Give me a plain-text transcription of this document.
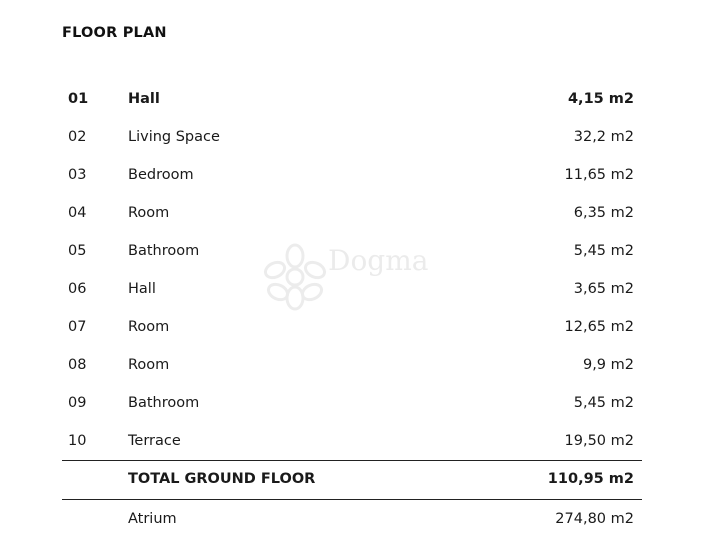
FLOOR PLAN
01	Hall	4,15 m2
02	Living Space	32,2 m2
03	Bedroom	11,65 m2
04	Room	6,35 m2
05	Bathroom	5,45 m2
06	Hall	3,65 m2
07	Room	12,65 m2
08	Room	9,9 m2
09	Bathroom	5,45 m2
10	Terrace	19,50 m2
TOTAL GROUND FLOOR	110,95 m2
Atrium	274,80 m2
Dogma
